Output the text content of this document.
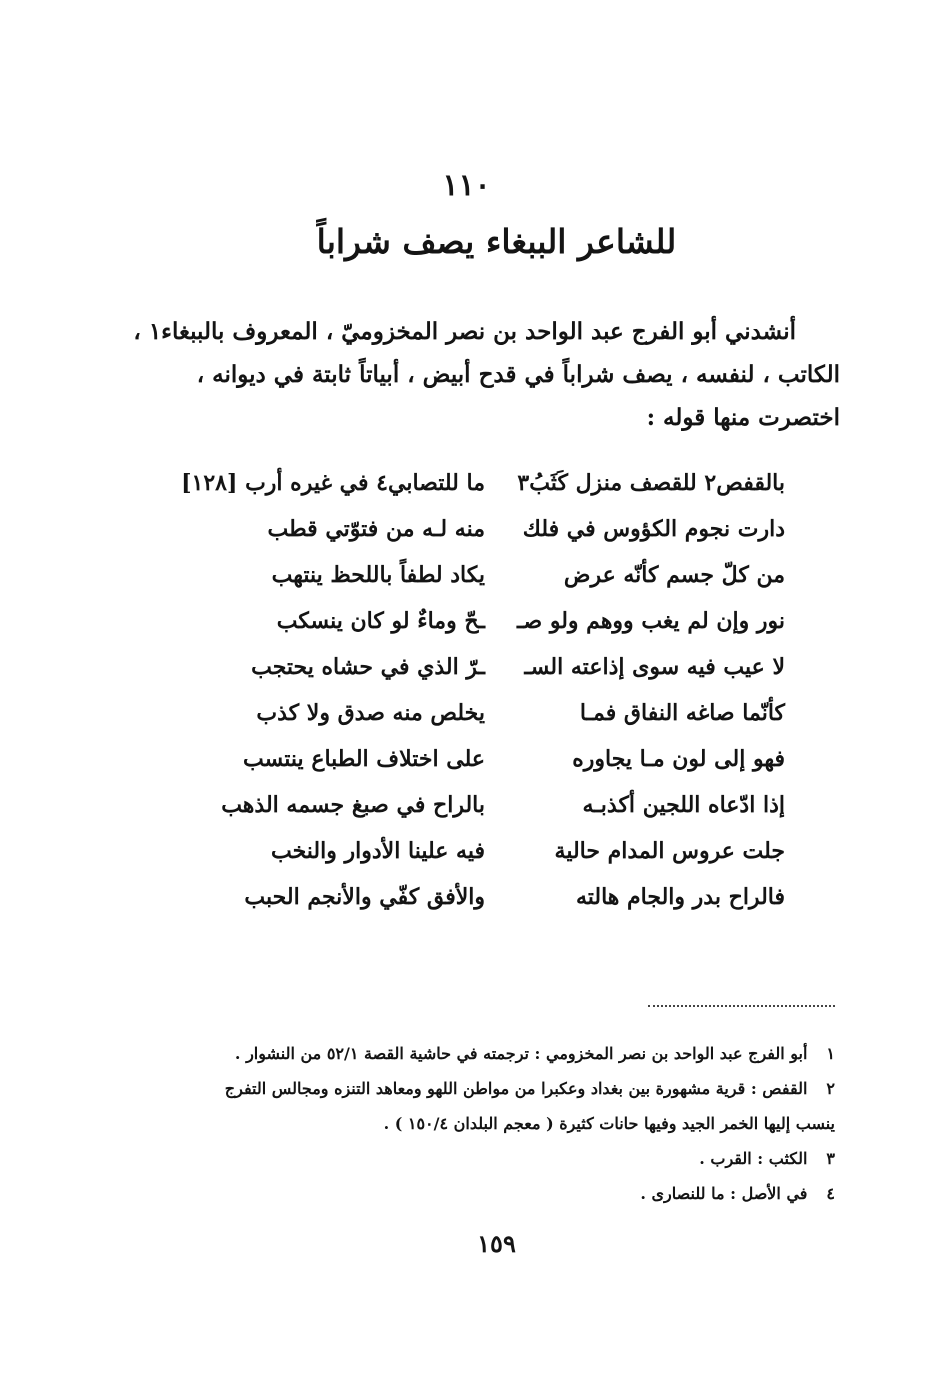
١١٠
للشاعر الببغاء يصف شراباً
أنشدني أبو الفرج عبد الواحد بن نصر المخزوميّ ، المعروف بالببغاء١ ،
الكاتب ، لنفسه ، يصف شراباً في قدح أبيض ، أبياتاً ثابتة في ديوانه ،
اختصرت منها قوله :
بالقفص٢ للقصف منزل كَثَبُ٣
ما للتصابي٤ في غيره أرب [١٢٨]
دارت نجوم الكؤوس في فلك
منه لـه من فتوّتي قطب
من كلّ جسم كأنّه عرض
يكاد لطفاً باللحظ ينتهب
نور وإن لم يغب ووهم ولو صـ
ـحّ وماءٌ لو كان ينسكب
لا عيب فيه سوى إذاعته السـ
ـرّ الذي في حشاه يحتجب
كأنّما صاغه النفاق فمـا
يخلص منه صدق ولا كذب
فهو إلى لون مـا يجاوره
على اختلاف الطباع ينتسب
إذا ادّعاه اللجين أكذبـه
بالراح في صبغ جسمه الذهب
جلت عروس المدام حالية
فيه علينا الأدوار والنخب
فالراح بدر والجام هالته
والأفق كفّي والأنجم الحبب
١ أبو الفرج عبد الواحد بن نصر المخزومي : ترجمته في حاشية القصة ٥٢/١ من النشوار .
٢ القفص : قرية مشهورة بين بغداد وعكبرا من مواطن اللهو ومعاهد التنزه ومجالس التفرج
ينسب إليها الخمر الجيد وفيها حانات كثيرة ( معجم البلدان ١٥٠/٤ ) .
٣ الكثب : القرب .
٤ في الأصل : ما للنصارى .
١٥٩
